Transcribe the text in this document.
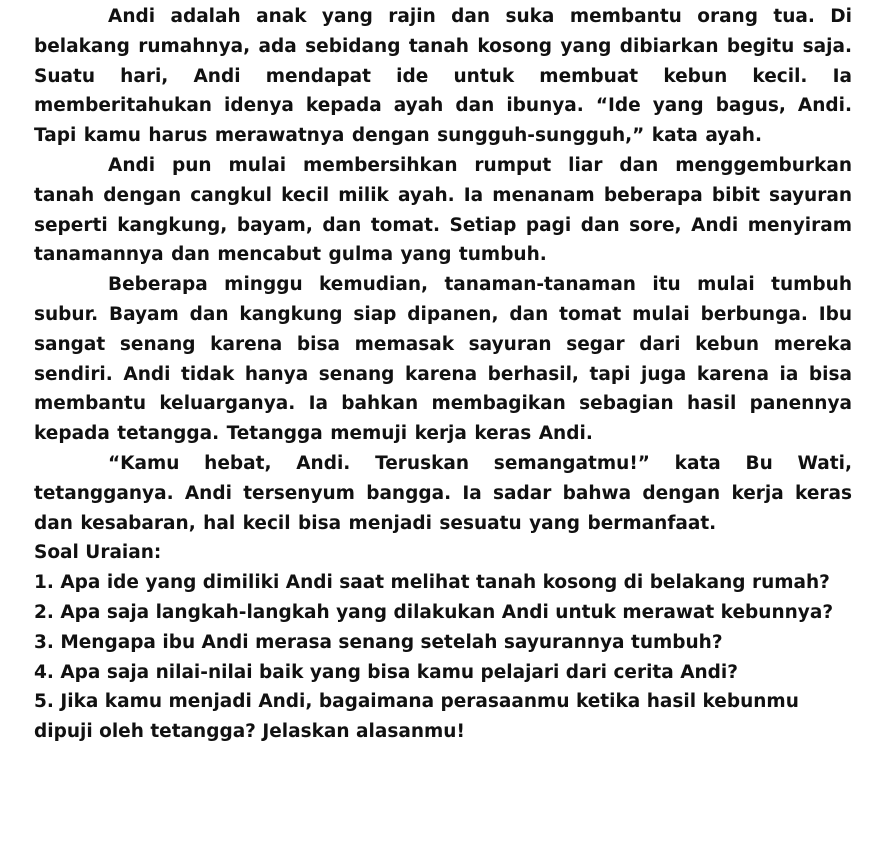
Andi adalah anak yang rajin dan suka membantu orang tua. Di belakang rumahnya, ada sebidang tanah kosong yang dibiarkan begitu saja. Suatu hari, Andi mendapat ide untuk membuat kebun kecil. Ia memberitahukan idenya kepada ayah dan ibunya. “Ide yang bagus, Andi. Tapi kamu harus merawatnya dengan sungguh-sungguh,” kata ayah.

Andi pun mulai membersihkan rumput liar dan menggemburkan tanah dengan cangkul kecil milik ayah. Ia menanam beberapa bibit sayuran seperti kangkung, bayam, dan tomat. Setiap pagi dan sore, Andi menyiram tanamannya dan mencabut gulma yang tumbuh.

Beberapa minggu kemudian, tanaman-tanaman itu mulai tumbuh subur. Bayam dan kangkung siap dipanen, dan tomat mulai berbunga. Ibu sangat senang karena bisa memasak sayuran segar dari kebun mereka sendiri. Andi tidak hanya senang karena berhasil, tapi juga karena ia bisa membantu keluarganya. Ia bahkan membagikan sebagian hasil panennya kepada tetangga. Tetangga memuji kerja keras Andi.

“Kamu hebat, Andi. Teruskan semangatmu!” kata Bu Wati, tetangganya. Andi tersenyum bangga. Ia sadar bahwa dengan kerja keras dan kesabaran, hal kecil bisa menjadi sesuatu yang bermanfaat.

Soal Uraian:

1. Apa ide yang dimiliki Andi saat melihat tanah kosong di belakang rumah?
2. Apa saja langkah-langkah yang dilakukan Andi untuk merawat kebunnya?
3. Mengapa ibu Andi merasa senang setelah sayurannya tumbuh?
4. Apa saja nilai-nilai baik yang bisa kamu pelajari dari cerita Andi?
5. Jika kamu menjadi Andi, bagaimana perasaanmu ketika hasil kebunmu dipuji oleh tetangga? Jelaskan alasanmu!
